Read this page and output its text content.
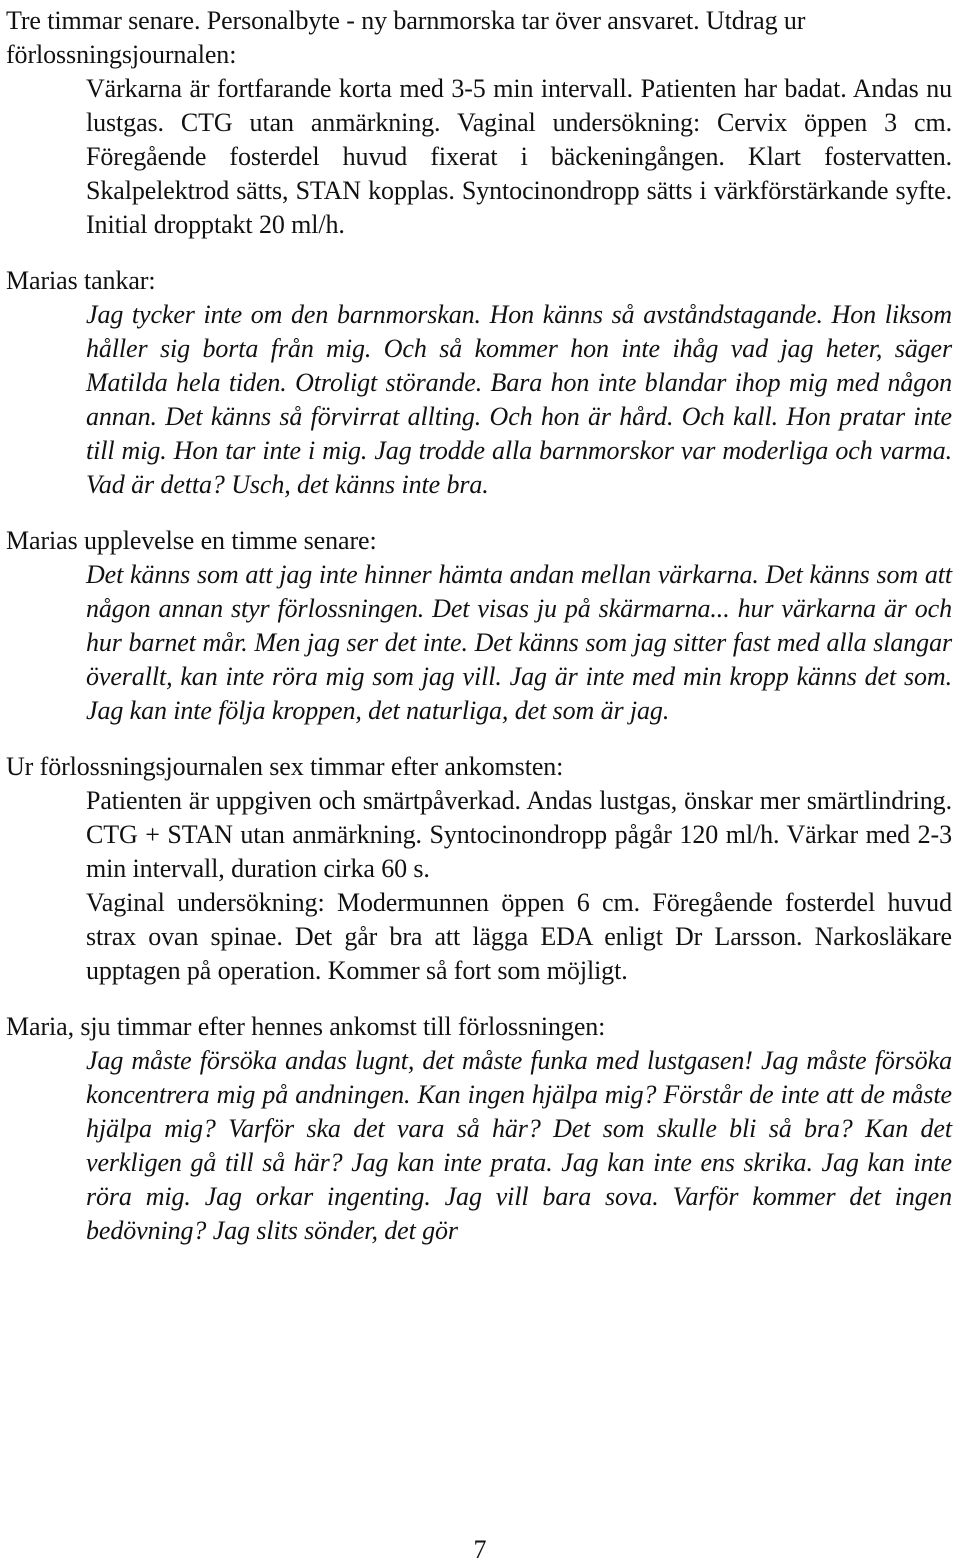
Tre timmar senare. Personalbyte - ny barnmorska tar över ansvaret. Utdrag ur förlossningsjournalen:

Värkarna är fortfarande korta med 3-5 min intervall. Patienten har badat. Andas nu lustgas. CTG utan anmärkning. Vaginal undersökning: Cervix öppen 3 cm. Föregående fosterdel huvud fixerat i bäckeningången. Klart fostervatten. Skalpelektrod sätts, STAN kopplas. Syntocinondropp sätts i värkförstärkande syfte. Initial dropptakt 20 ml/h.

Marias tankar:

Jag tycker inte om den barnmorskan. Hon känns så avståndstagande. Hon liksom håller sig borta från mig. Och så kommer hon inte ihåg vad jag heter, säger Matilda hela tiden. Otroligt störande. Bara hon inte blandar ihop mig med någon annan. Det känns så förvirrat allting. Och hon är hård. Och kall. Hon pratar inte till mig. Hon tar inte i mig. Jag trodde alla barnmorskor var moderliga och varma. Vad är detta? Usch, det känns inte bra.

Marias upplevelse en timme senare:

Det känns som att jag inte hinner hämta andan mellan värkarna. Det känns som att någon annan styr förlossningen. Det visas ju på skärmarna... hur värkarna är och hur barnet mår. Men jag ser det inte. Det känns som jag sitter fast med alla slangar överallt, kan inte röra mig som jag vill. Jag är inte med min kropp känns det som. Jag kan inte följa kroppen, det naturliga, det som är jag.

Ur förlossningsjournalen sex timmar efter ankomsten:

Patienten är uppgiven och smärtpåverkad. Andas lustgas, önskar mer smärtlindring. CTG + STAN utan anmärkning. Syntocinondropp pågår 120 ml/h. Värkar med 2-3 min intervall, duration cirka 60 s.

Vaginal undersökning: Modermunnen öppen 6 cm. Föregående fosterdel huvud strax ovan spinae. Det går bra att lägga EDA enligt Dr Larsson. Narkosläkare upptagen på operation. Kommer så fort som möjligt.

Maria, sju timmar efter hennes ankomst till förlossningen:

Jag måste försöka andas lugnt, det måste funka med lustgasen! Jag måste försöka koncentrera mig på andningen. Kan ingen hjälpa mig? Förstår de inte att de måste hjälpa mig? Varför ska det vara så här? Det som skulle bli så bra? Kan det verkligen gå till så här? Jag kan inte prata. Jag kan inte ens skrika. Jag kan inte röra mig. Jag orkar ingenting. Jag vill bara sova. Varför kommer det ingen bedövning? Jag slits sönder, det gör

7
